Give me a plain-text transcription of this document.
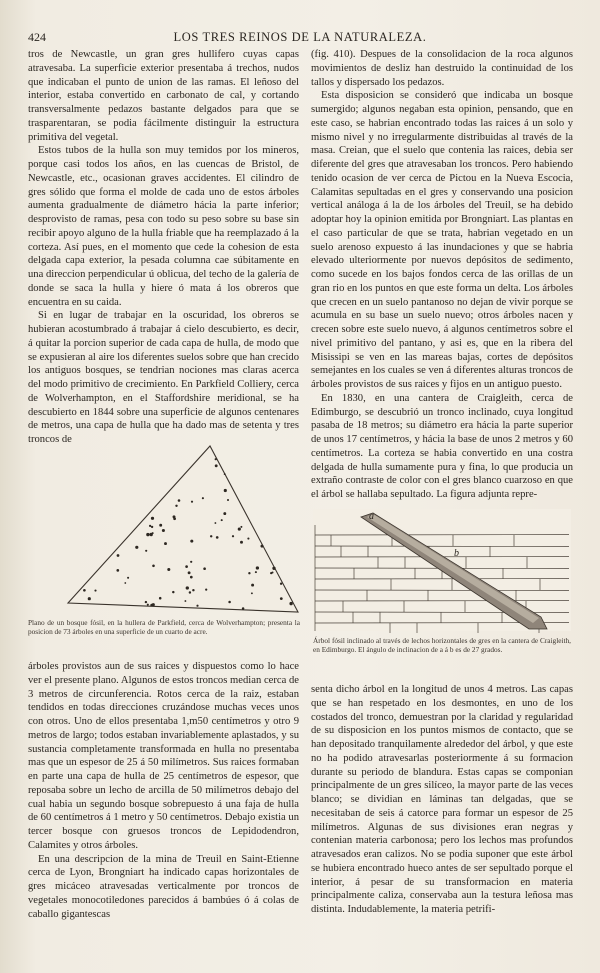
424	LOS TRES REINOS DE LA NATURALEZA.

tros de Newcastle, un gran gres hullifero cuyas capas atravesaba. La superficie exterior presentaba á trechos, nudos que indicaban el punto de union de las ramas. El leñoso del interior, estaba convertido en carbonato de cal, y cortando transversalmente pedazos bastante delgados para que se trasparentaran, se podia fácilmente distinguir la estructura primitiva del vegetal.

Estos tubos de la hulla son muy temidos por los mineros, porque casi todos los años, en las cuencas de Bristol, de Newcastle, etc., ocasionan graves accidentes. El cilindro de gres sólido que forma el molde de cada uno de estos árboles aumenta gradualmente de diámetro hácia la parte inferior; desprovisto de ramas, pesa con todo su peso sobre su base sin recibir apoyo alguno de la hulla friable que ha reemplazado á la corteza. Así pues, en el momento que cede la cohesion de esta delgada capa exterior, la pesada columna cae súbitamente en una direccion perpendicular ú oblicua, del techo de la galería de donde se saca la hulla y hiere ó mata á los obreros que encuentra en su caida.

Si en lugar de trabajar en la oscuridad, los obreros se hubieran acostumbrado á trabajar á cielo descubierto, es decir, á quitar la porcion superior de cada capa de hulla, de modo que se expusieran al aire los diferentes suelos sobre que han crecido los antiguos bosques, se tendrian nociones mas claras acerca del modo primitivo de crecimiento. En Parkfield Colliery, cerca de Wolverhampton, en el Staffordshire meridional, se ha descubierto en 1844 sobre una superficie de algunos centenares de metros, una capa de hulla que ha dado mas de setenta y tres troncos de

Plano de un bosque fósil, en la hullera de Parkfield, cerca de Wolverhampton; presenta la posicion de 73 árboles en una superficie de un cuarto de acre.

árboles provistos aun de sus raices y dispuestos como lo hace ver el presente plano. Algunos de estos troncos median cerca de 3 metros de circunferencia. Rotos cerca de la raiz, estaban tendidos en todas direcciones cruzándose muchas veces unos con otros. Uno de ellos presentaba 1,m50 centímetros y otro 9 metros de largo; todos estaban invariablemente aplastados, y su sustancia completamente transformada en hulla no presentaba mas que un espesor de 25 á 50 milímetros. Sus raices formaban en parte una capa de hulla de 25 centímetros de espesor, que reposaba sobre un lecho de arcilla de 50 milímetros debajo del cual habia un segundo bosque sobrepuesto á una faja de hulla de 60 centímetros á 1 metro y 50 centímetros. Debajo existia un tercer bosque con gruesos troncos de Lepidodendron, Calamites y otros árboles.

En una descripcion de la mina de Treuil en Saint-Etienne cerca de Lyon, Brongniart ha indicado capas horizontales de gres micáceo atravesadas verticalmente por troncos de vegetales monocotiledones parecidos á bambúes ó á colas de caballo gigantescas

(fig. 410). Despues de la consolidacion de la roca algunos movimientos de desliz han destruido la continuidad de los tallos y dispersado los pedazos.

Esta disposicion se consideró que indicaba un bosque sumergido; algunos negaban esta opinion, pensando, que en este caso, se habrian encontrado todas las raices á un solo y mismo nivel y no irregularmente distribuidas al través de la masa. Creian, que el suelo que contenia las raices, debia ser diferente del gres que atravesaban los troncos. Pero habiendo tenido ocasion de ver cerca de Pictou en la Nueva Escocia, Calamitas sepultadas en el gres y conservando una posicion vertical análoga á la de los árboles del Treuil, se ha debido adoptar hoy la opinion emitida por Brongniart. Las plantas en el caso particular de que se trata, habrian vegetado en un suelo arenoso expuesto á las inundaciones y que se habria elevado ulteriormente por nuevos depósitos de sedimento, como sucede en los bajos fondos cerca de las orillas de un gran rio en los puntos en que este forma un delta. Los árboles que crecen en un suelo pantanoso no dejan de vivir porque se acumula en su base un suelo nuevo; otros árboles nacen y crecen sobre este suelo nuevo, á algunos centímetros sobre el nivel primitivo del pantano, y asi es, que en la ribera del Misissipi se ven en las mareas bajas, cortes de depósitos semejantes en los cuales se ven á diferentes alturas troncos de árboles provistos de sus raices y fijos en un antiguo puesto.

En 1830, en una cantera de Craigleith, cerca de Edimburgo, se descubrió un tronco inclinado, cuya longitud pasaba de 18 metros; su diámetro era hácia la parte superior de unos 17 centímetros, y hácia la base de unos 2 metros y 60 centímetros. La corteza se habia convertido en una costra delgada de hulla sumamente pura y fina, lo que producia un extraño contraste de color con el gres blanco cuarzoso en que el árbol se hallaba sepultado. La figura adjunta repre-

a
b
Árbol fósil inclinado al través de lechos horizontales de gres en la cantera de Craigleith, en Edimburgo. El ángulo de inclinacion de a á b es de 27 grados.

senta dicho árbol en la longitud de unos 4 metros. Las capas que se han respetado en los desmontes, en uno de los costados del tronco, demuestran por la claridad y regularidad de su disposicion en los puntos mismos de contacto, que se han depositado tranquilamente alrededor del árbol, y que este no ha podido atravesarlas posteriormente á su formacion durante su periodo de blandura. Estas capas se componian principalmente de un gres silíceo, la mayor parte de las veces blanco; se dividian en láminas tan delgadas, que se necesitaban de seis á catorce para formar un espesor de 25 milímetros. Algunas de sus divisiones eran negras y contenian materia carbonosa; pero los lechos mas profundos atravesados eran calizos. No se podia suponer que este árbol se hubiera encontrado hueco antes de ser sepultado porque el interior, á pesar de su transformacion en materia principalmente caliza, conservaba aun la testura leñosa mas distinta. Indudablemente, la materia petrifi-
